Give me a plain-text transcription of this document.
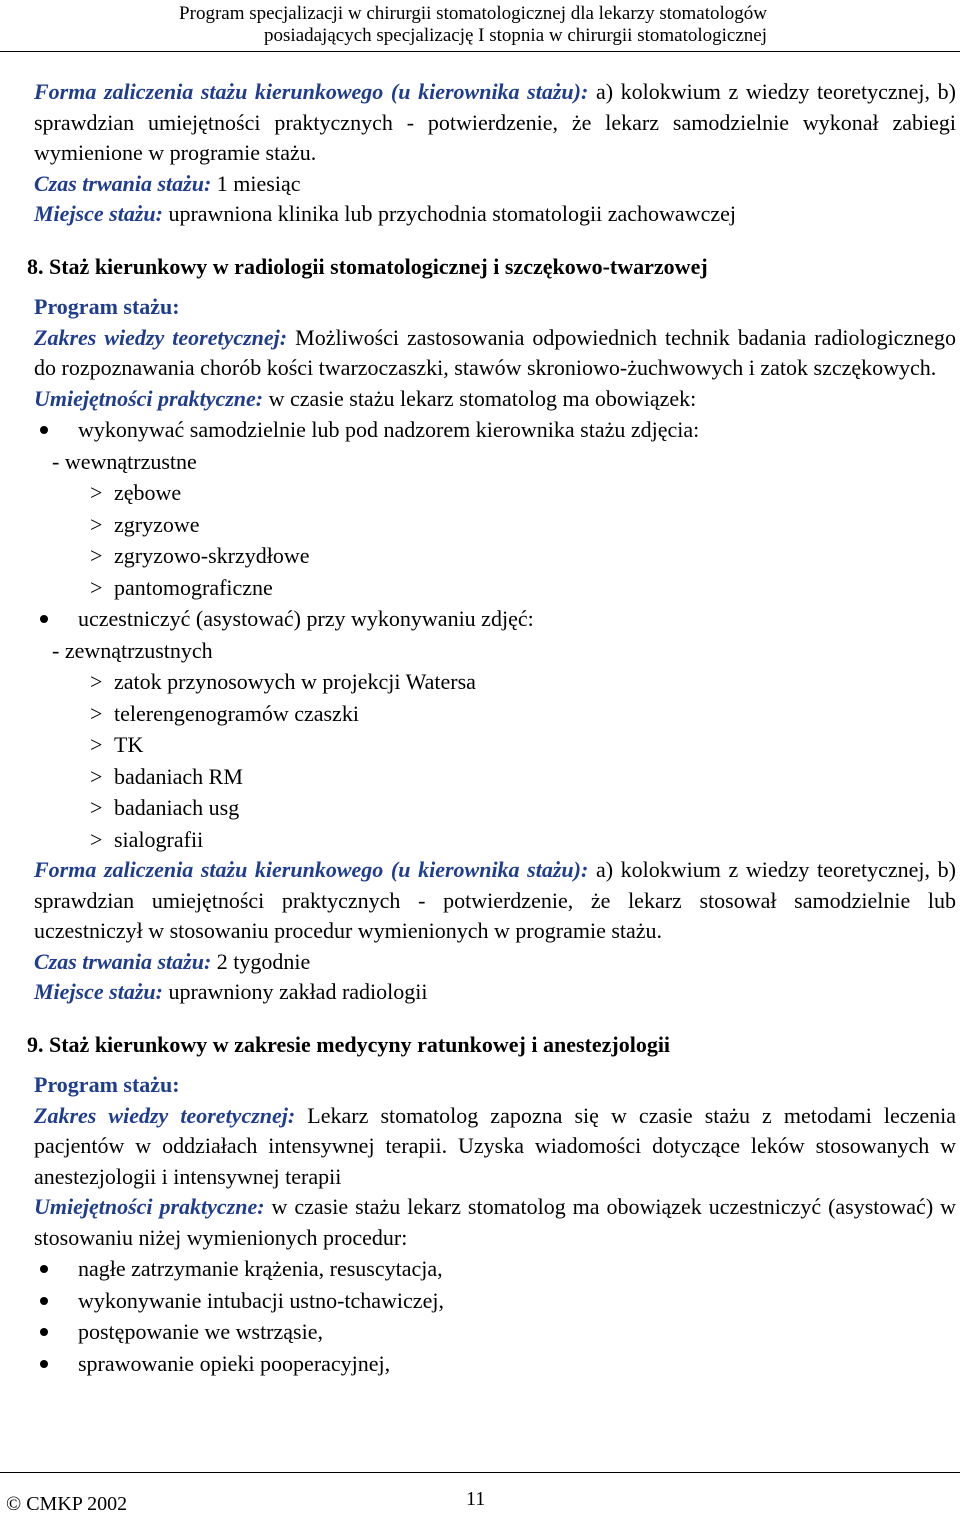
Program specjalizacji w chirurgii stomatologicznej dla lekarzy stomatologów
posiadających specjalizację I stopnia w chirurgii stomatologicznej

Forma zaliczenia stażu kierunkowego (u kierownika stażu): a) kolokwium z wiedzy teoretycznej, b) sprawdzian umiejętności praktycznych - potwierdzenie, że lekarz samodzielnie wykonał zabiegi wymienione w programie stażu.

Czas trwania stażu: 1 miesiąc

Miejsce stażu: uprawniona klinika lub przychodnia stomatologii zachowawczej

8. Staż kierunkowy w radiologii stomatologicznej i szczękowo-twarzowej

Program stażu:

Zakres wiedzy teoretycznej: Możliwości zastosowania odpowiednich technik badania radiologicznego do rozpoznawania chorób kości twarzoczaszki, stawów skroniowo-żuchwowych i zatok szczękowych.

Umiejętności praktyczne: w czasie stażu lekarz stomatolog ma obowiązek:

wykonywać samodzielnie lub pod nadzorem kierownika stażu zdjęcia:
- wewnątrzustne
> zębowe
> zgryzowe
> zgryzowo-skrzydłowe
> pantomograficzne
uczestniczyć (asystować) przy wykonywaniu zdjęć:
- zewnątrzustnych
> zatok przynosowych w projekcji Watersa
> telerengenogramów czaszki
> TK
> badaniach RM
> badaniach usg
> sialografii

Forma zaliczenia stażu kierunkowego (u kierownika stażu): a) kolokwium z wiedzy teoretycznej, b) sprawdzian umiejętności praktycznych - potwierdzenie, że lekarz stosował samodzielnie lub uczestniczył w stosowaniu procedur wymienionych w programie stażu.

Czas trwania stażu: 2 tygodnie

Miejsce stażu: uprawniony zakład radiologii

9. Staż kierunkowy w zakresie medycyny ratunkowej i anestezjologii

Program stażu:

Zakres wiedzy teoretycznej: Lekarz stomatolog zapozna się w czasie stażu z metodami leczenia pacjentów w oddziałach intensywnej terapii. Uzyska wiadomości dotyczące leków stosowanych w anestezjologii i intensywnej terapii

Umiejętności praktyczne: w czasie stażu lekarz stomatolog ma obowiązek uczestniczyć (asystować) w stosowaniu niżej wymienionych procedur:

nagłe zatrzymanie krążenia, resuscytacja,
wykonywanie intubacji ustno-tchawiczej,
postępowanie we wstrząsie,
sprawowanie opieki pooperacyjnej,
© CMKP 2002	11
